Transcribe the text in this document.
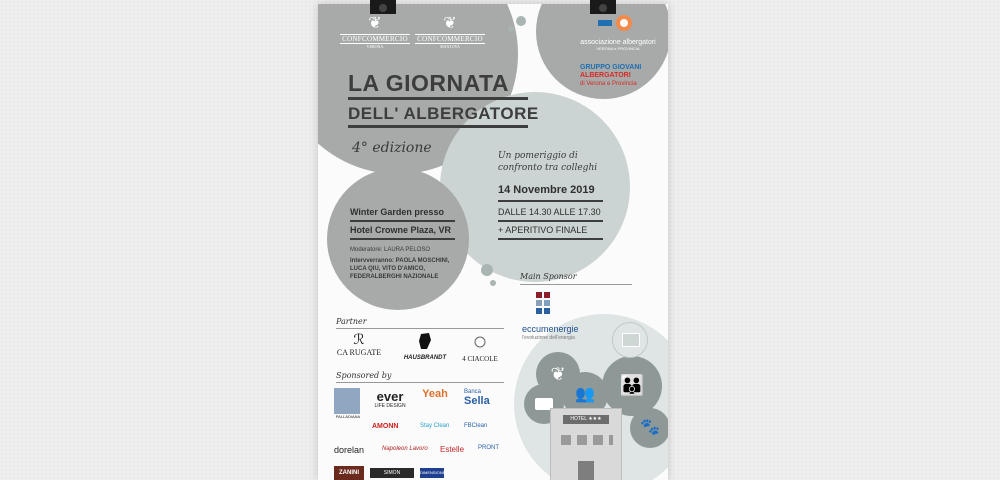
❦
CONFCOMMERCIO
VERONA
❦
CONFCOMMERCIO
MANTOVA
associazione albergatori
VERONA e PROVINCIA
GRUPPO GIOVANI
ALBERGATORI
di Verona e Provincia
LA GIORNATA
DELL' ALBERGATORE
4° edizione	Un pomeriggio di confronto tra colleghi
14 Novembre 2019
DALLE 14.30 ALLE 17.30
+ APERITIVO FINALE
Winter Garden presso
Hotel Crowne Plaza, VR
Moderatore: LAURA PELOSO
Intervverranno: PAOLA MOSCHINI, LUCA QIU, VITO D'AMICO, FEDERALBERGHI NAZIONALE	Main Sponsor
eccumenergie
l'evoluzione dell'energia
Partner
ℛ
CA RUGATE
HAUSBRANDT	4 CIACOLE
Sponsored by
PALLADIANA
ever
LIFE DESIGN
Yeah	Banca
Sella
AMONN	Stay Clean FBClean
dorelan	Napoleon Lavoro Estelle PRONT
ZANINI	SIMON	DIMENSIONE
❦
👪
👥
🐾
HOTEL ★★★
